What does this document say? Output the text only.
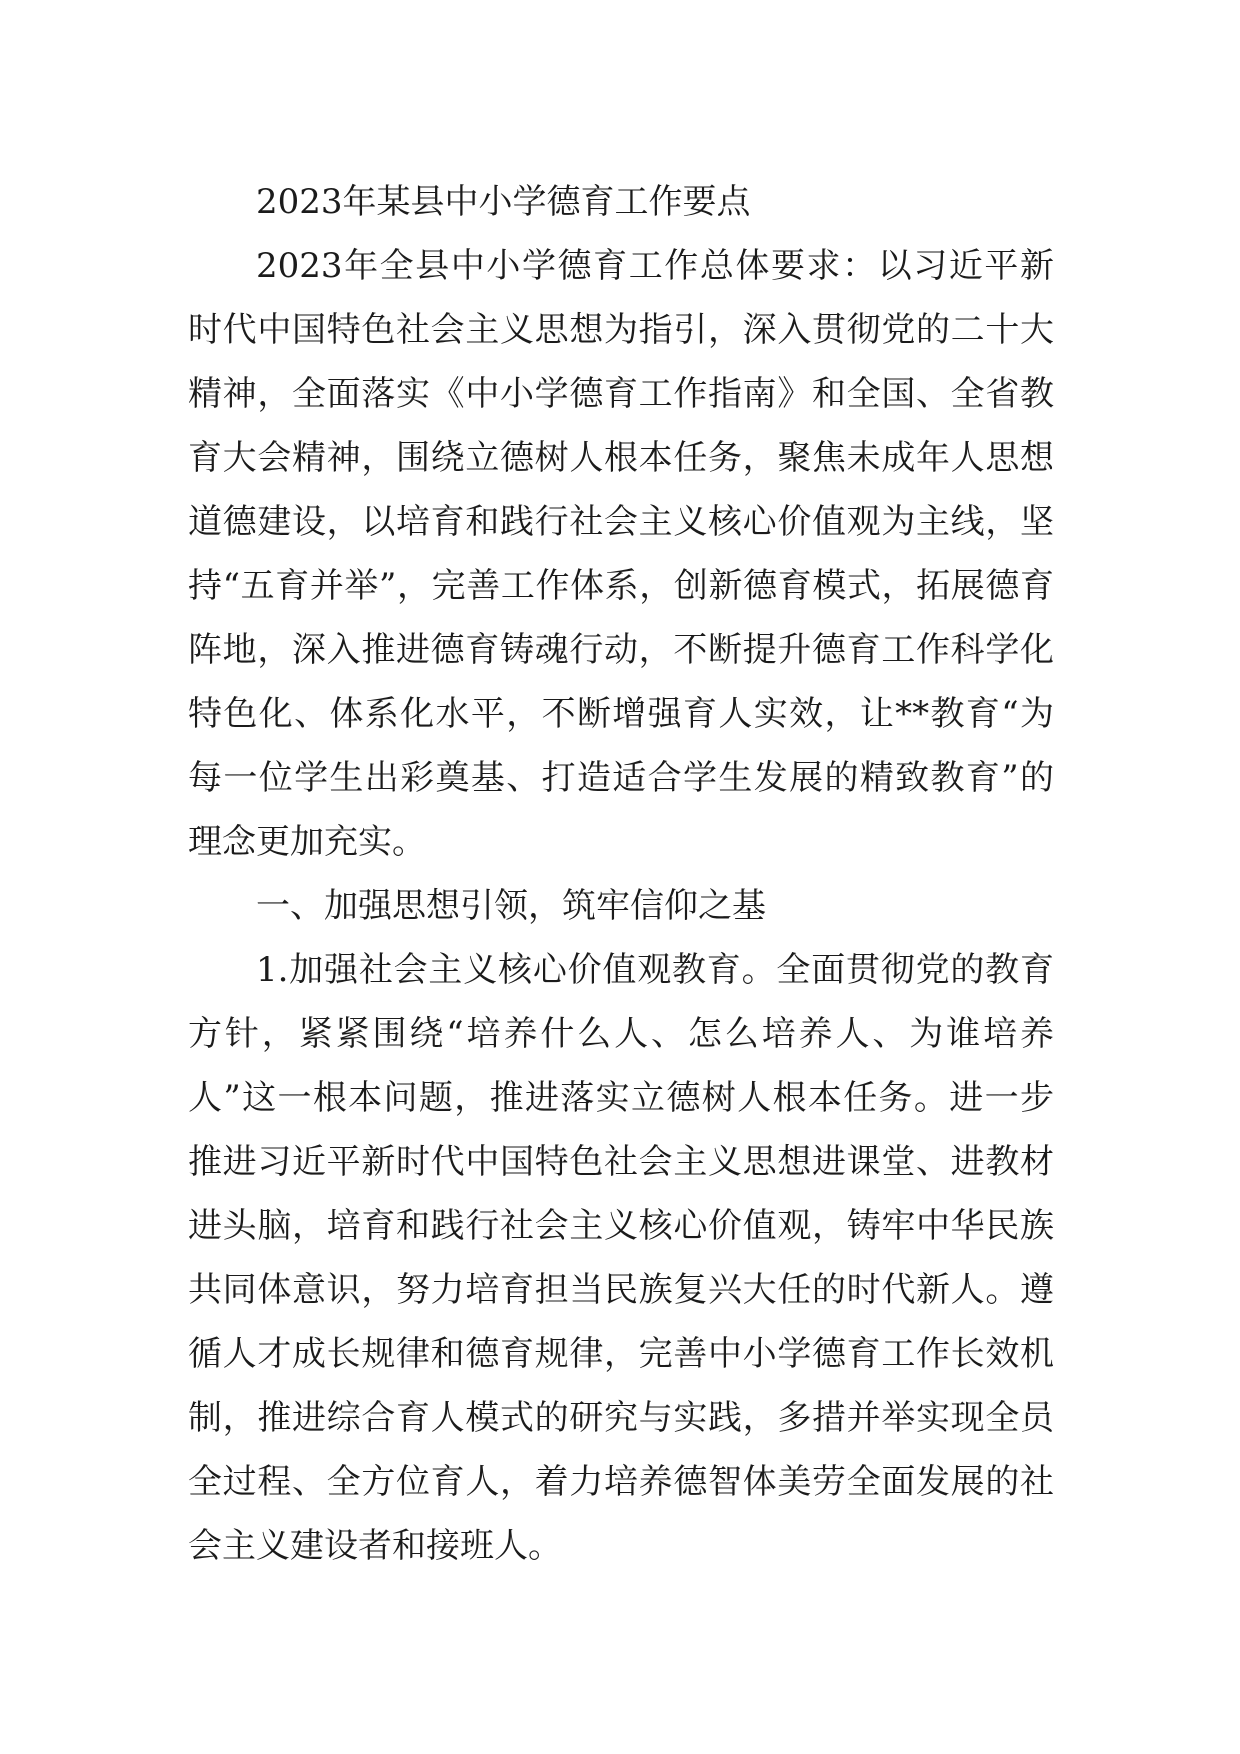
2023年某县中小学德育工作要点

2023年全县中小学德育工作总体要求：以习近平新时代中国特色社会主义思想为指引，深入贯彻党的二十大精神，全面落实《中小学德育工作指南》和全国、全省教育大会精神，围绕立德树人根本任务，聚焦未成年人思想道德建设，以培育和践行社会主义核心价值观为主线，坚持“五育并举”，完善工作体系，创新德育模式，拓展德育阵地，深入推进德育铸魂行动，不断提升德育工作科学化特色化、体系化水平，不断增强育人实效，让**教育“为每一位学生出彩奠基、打造适合学生发展的精致教育”的理念更加充实。

一、加强思想引领，筑牢信仰之基

1.加强社会主义核心价值观教育。全面贯彻党的教育方针，紧紧围绕“培养什么人、怎么培养人、为谁培养人”这一根本问题，推进落实立德树人根本任务。进一步推进习近平新时代中国特色社会主义思想进课堂、进教材进头脑，培育和践行社会主义核心价值观，铸牢中华民族共同体意识，努力培育担当民族复兴大任的时代新人。遵循人才成长规律和德育规律，完善中小学德育工作长效机制，推进综合育人模式的研究与实践，多措并举实现全员全过程、全方位育人，着力培养德智体美劳全面发展的社会主义建设者和接班人。
